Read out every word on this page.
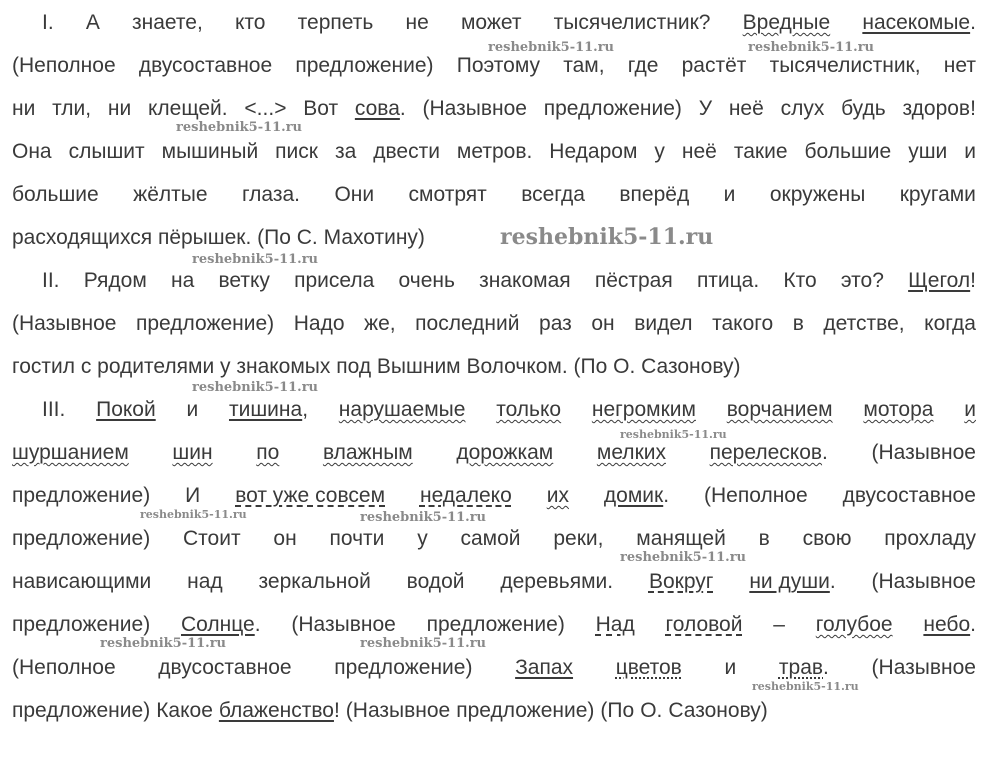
I. А знаете, кто терпеть не может тысячелистник? Вредные насекомые.
(Неполное двусоставное предложение) Поэтому там, где растёт тысячелистник, нет
ни тли, ни клещей. <...> Вот сова. (Назывное предложение) У неё слух будь здоров!
Она слышит мышиный писк за двести метров. Недаром у неё такие большие уши и
большие жёлтые глаза. Они смотрят всегда вперёд и окружены кругами
расходящихся пёрышек. (По С. Махотину)
II. Рядом на ветку присела очень знакомая пёстрая птица. Кто это? Щегол!
(Назывное предложение) Надо же, последний раз он видел такого в детстве, когда
гостил с родителями у знакомых под Вышним Волочком. (По О. Сазонову)
III. Покой и тишина, нарушаемые только негромким ворчанием мотора и
шуршанием шин по влажным дорожкам мелких перелесков. (Назывное
предложение) И вот уже совсем недалеко их домик. (Неполное двусоставное
предложение) Стоит он почти у самой реки, манящей в свою прохладу
нависающими над зеркальной водой деревьями. Вокруг ни души. (Назывное
предложение) Солнце. (Назывное предложение) Над головой – голубое небо.
(Неполное двусоставное предложение) Запах цветов и трав. (Назывное
предложение) Какое блаженство! (Назывное предложение) (По О. Сазонову)
reshebnik5-11.ru	reshebnik5-11.ru
reshebnik5-11.ru
reshebnik5-11.ru
reshebnik5-11.ru
reshebnik5-11.ru
reshebnik5-11.ru
reshebnik5-11.ru	reshebnik5-11.ru
reshebnik5-11.ru
reshebnik5-11.ru	reshebnik5-11.ru
reshebnik5-11.ru
